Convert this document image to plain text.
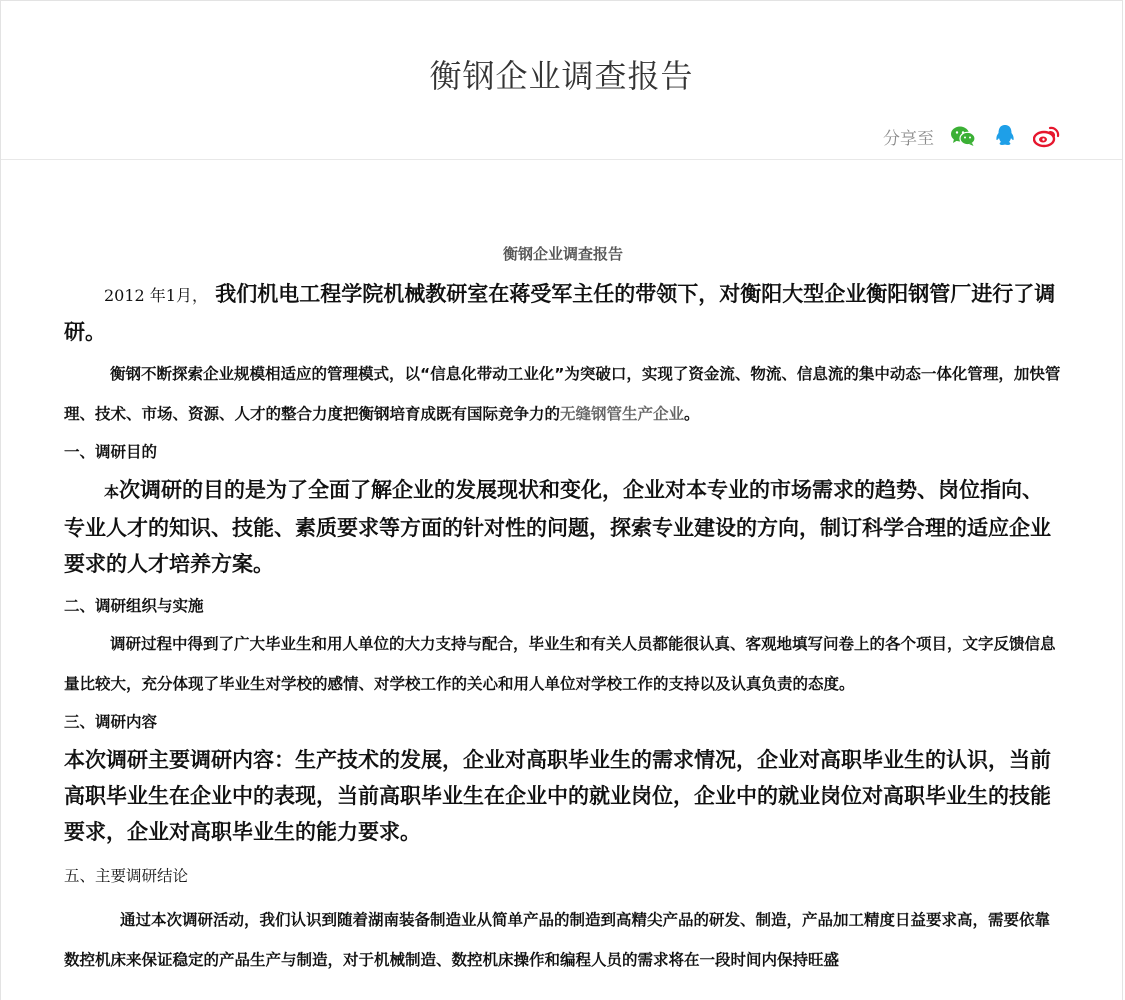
衡钢企业调查报告
分享至
衡钢企业调查报告

2012 年1月， 我们机电工程学院机械教研室在蒋受军主任的带领下，对衡阳大型企业衡阳钢管厂进行了调研。

衡钢不断探索企业规模相适应的管理模式，以“信息化带动工业化”为突破口，实现了资金流、物流、信息流的集中动态一体化管理，加快管理、技术、市场、资源、人才的整合力度把衡钢培育成既有国际竞争力的无缝钢管生产企业。

一、调研目的

本次调研的目的是为了全面了解企业的发展现状和变化，企业对本专业的市场需求的趋势、岗位指向、专业人才的知识、技能、素质要求等方面的针对性的问题，探索专业建设的方向，制订科学合理的适应企业要求的人才培养方案。

二、调研组织与实施

调研过程中得到了广大毕业生和用人单位的大力支持与配合，毕业生和有关人员都能很认真、客观地填写问卷上的各个项目，文字反馈信息量比较大，充分体现了毕业生对学校的感情、对学校工作的关心和用人单位对学校工作的支持以及认真负责的态度。

三、调研内容

本次调研主要调研内容：生产技术的发展，企业对高职毕业生的需求情况，企业对高职毕业生的认识，当前高职毕业生在企业中的表现，当前高职毕业生在企业中的就业岗位，企业中的就业岗位对高职毕业生的技能要求，企业对高职毕业生的能力要求。

五、主要调研结论

通过本次调研活动，我们认识到随着湖南装备制造业从简单产品的制造到高精尖产品的研发、制造，产品加工精度日益要求高，需要依靠数控机床来保证稳定的产品生产与制造，对于机械制造、数控机床操作和编程人员的需求将在一段时间内保持旺盛
